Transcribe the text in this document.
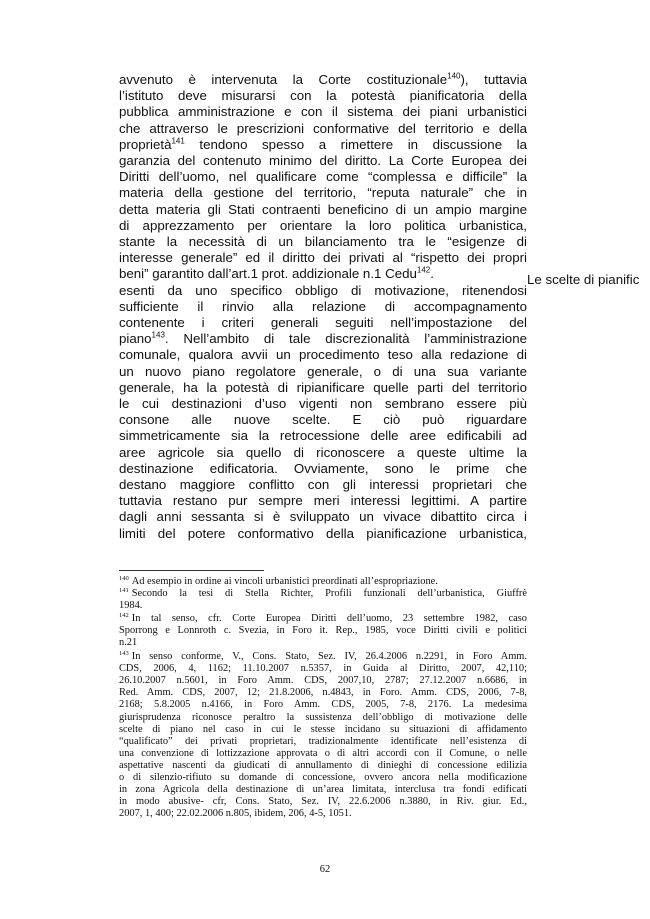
avvenuto è intervenuta la Corte costituzionale$^{140}$), tuttavia
l’istituto deve misurarsi con la potestà pianificatoria della
pubblica amministrazione e con il sistema dei piani urbanistici
che attraverso le prescrizioni conformative del territorio e della
proprietà$^{141}$ tendono spesso a rimettere in discussione la
garanzia del contenuto minimo del diritto. La Corte Europea dei
Diritti dell’uomo, nel qualificare come “complessa e difficile” la
materia della gestione del territorio, “reputa naturale” che in
detta materia gli Stati contraenti beneficino di un ampio margine
di apprezzamento per orientare la loro politica urbanistica,
stante la necessità di un bilanciamento tra le “esigenze di
interesse generale” ed il diritto dei privati al “rispetto dei propri
beni” garantito dall’art.1 prot. addizionale n.1 Cedu$^{142}$.
esenti da uno specifico obbligo di motivazione, ritenendosi
sufficiente il rinvio alla relazione di accompagnamento
contenente i criteri generali seguiti nell’impostazione del
piano$^{143}$. Nell’ambito di tale discrezionalità l’amministrazione
comunale, qualora avvii un procedimento teso alla redazione di
un nuovo piano regolatore generale, o di una sua variante
generale, ha la potestà di ripianificare quelle parti del territorio
le cui destinazioni d’uso vigenti non sembrano essere più
consone alle nuove scelte. E ciò può riguardare
simmetricamente sia la retrocessione delle aree edificabili ad
aree agricole sia quello di riconoscere a queste ultime la
destinazione edificatoria. Ovviamente, sono le prime che
destano maggiore conflitto con gli interessi proprietari che
tuttavia restano pur sempre meri interessi legittimi. A partire
dagli anni sessanta si è sviluppato un vivace dibattito circa i
limiti del potere conformativo della pianificazione urbanistica,
Le scelte di pianific
$^{140}$ Ad esempio in ordine ai vincoli urbanistici preordinati all’espropriazione.
$^{141}$ Secondo la tesi di Stella Richter, Profili funzionali dell’urbanistica, Giuffrè
1984.
$^{142}$ In tal senso, cfr. Corte Europea Diritti dell’uomo, 23 settembre 1982, caso
Sporrong e Lonnroth c. Svezia, in Foro it. Rep., 1985, voce Diritti civili e politici
n.21
$^{143}$ In senso conforme, V., Cons. Stato, Sez. IV, 26.4.2006 n.2291, in Foro Amm.
CDS, 2006, 4, 1162; 11.10.2007 n.5357, in Guida al Diritto, 2007, 42,110;
26.10.2007 n.5601, in Foro Amm. CDS, 2007,10, 2787; 27.12.2007 n.6686, in
Red. Amm. CDS, 2007, 12; 21.8.2006, n.4843, in Foro. Amm. CDS, 2006, 7-8,
2168; 5.8.2005 n.4166, in Foro Amm. CDS, 2005, 7-8, 2176. La medesima
giurisprudenza riconosce peraltro la sussistenza dell’obbligo di motivazione delle
scelte di piano nel caso in cui le stesse incidano su situazioni di affidamento
“qualificato” dei privati proprietari, tradizionalmente identificate nell’esistenza di
una convenzione di lottizzazione approvata o di altri accordi con il Comune, o nelle
aspettative nascenti da giudicati di annullamento di dinieghi di concessione edilizia
o di silenzio-rifiuto su domande di concessione, ovvero ancora nella modificazione
in zona Agricola della destinazione di un’area limitata, interclusa tra fondi edificati
in modo abusive- cfr, Cons. Stato, Sez. IV, 22.6.2006 n.3880, in Riv. giur. Ed.,
2007, 1, 400; 22.02.2006 n.805, ibidem, 206, 4-5, 1051.
62
